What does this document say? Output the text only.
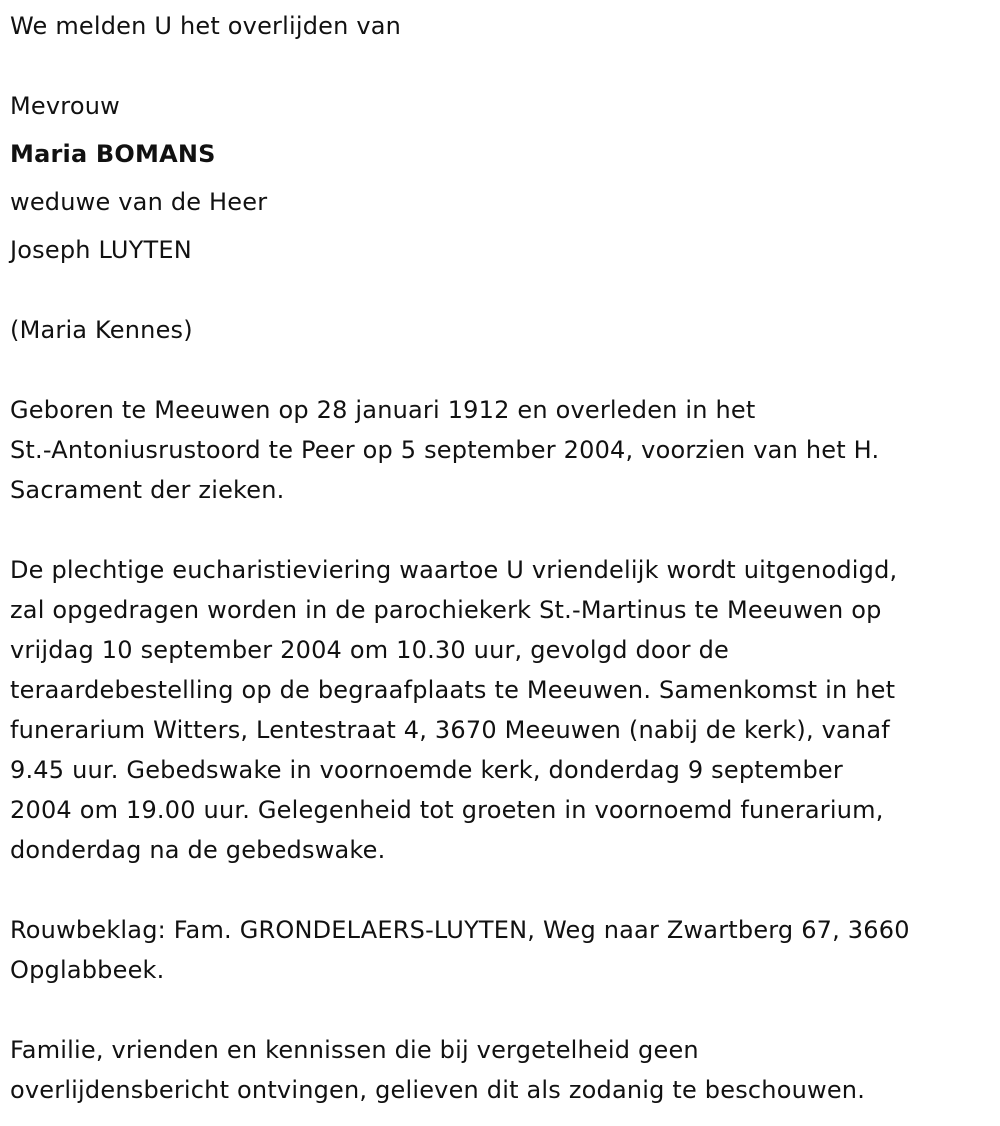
We melden U het overlijden van
Mevrouw
Maria BOMANS
weduwe van de Heer
Joseph LUYTEN
(Maria Kennes)
Geboren te Meeuwen op 28 januari 1912 en overleden in het
St.-Antoniusrustoord te Peer op 5 september 2004, voorzien van het H.
Sacrament der zieken.
De plechtige eucharistieviering waartoe U vriendelijk wordt uitgenodigd,
zal opgedragen worden in de parochiekerk St.-Martinus te Meeuwen op
vrijdag 10 september 2004 om 10.30 uur, gevolgd door de
teraardebestelling op de begraafplaats te Meeuwen. Samenkomst in het
funerarium Witters, Lentestraat 4, 3670 Meeuwen (nabij de kerk), vanaf
9.45 uur. Gebedswake in voornoemde kerk, donderdag 9 september
2004 om 19.00 uur. Gelegenheid tot groeten in voornoemd funerarium,
donderdag na de gebedswake.
Rouwbeklag: Fam. GRONDELAERS-LUYTEN, Weg naar Zwartberg 67, 3660
Opglabbeek.
Familie, vrienden en kennissen die bij vergetelheid geen
overlijdensbericht ontvingen, gelieven dit als zodanig te beschouwen.
